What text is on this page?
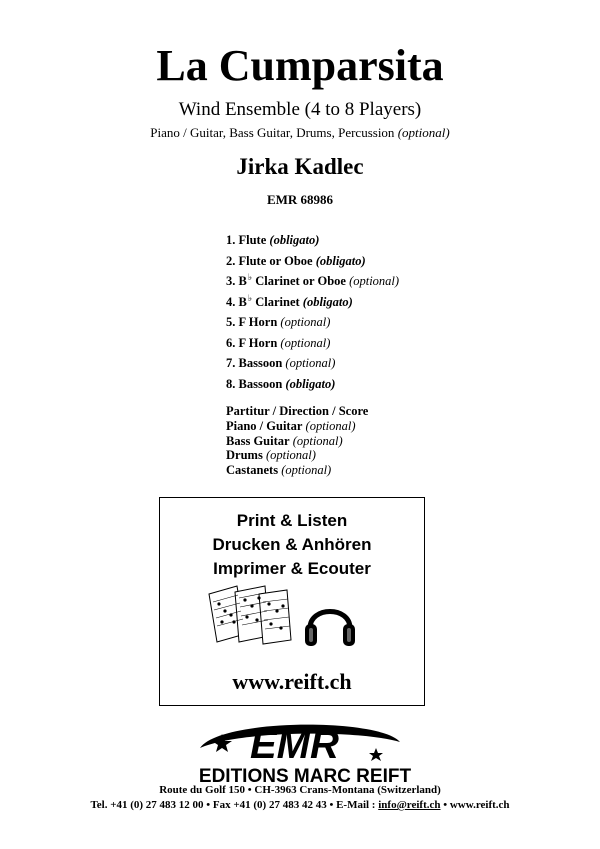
La Cumparsita
Wind Ensemble (4 to 8 Players)
Piano / Guitar, Bass Guitar, Drums, Percussion (optional)
Jirka Kadlec
EMR 68986
1. Flute (obligato)
2. Flute or Oboe (obligato)
3. B♭ Clarinet or Oboe (optional)
4. B♭ Clarinet (obligato)
5. F Horn (optional)
6. F Horn (optional)
7. Bassoon (optional)
8. Bassoon (obligato)
Partitur / Direction / Score
Piano / Guitar (optional)
Bass Guitar (optional)
Drums (optional)
Castanets (optional)
Print & Listen
Drucken & Anhören
Imprimer & Ecouter
www.reift.ch
EMR
EDITIONS MARC REIFT
Route du Golf 150 • CH-3963 Crans-Montana (Switzerland)
Tel. +41 (0) 27 483 12 00 • Fax +41 (0) 27 483 42 43 • E-Mail : info@reift.ch • www.reift.ch
